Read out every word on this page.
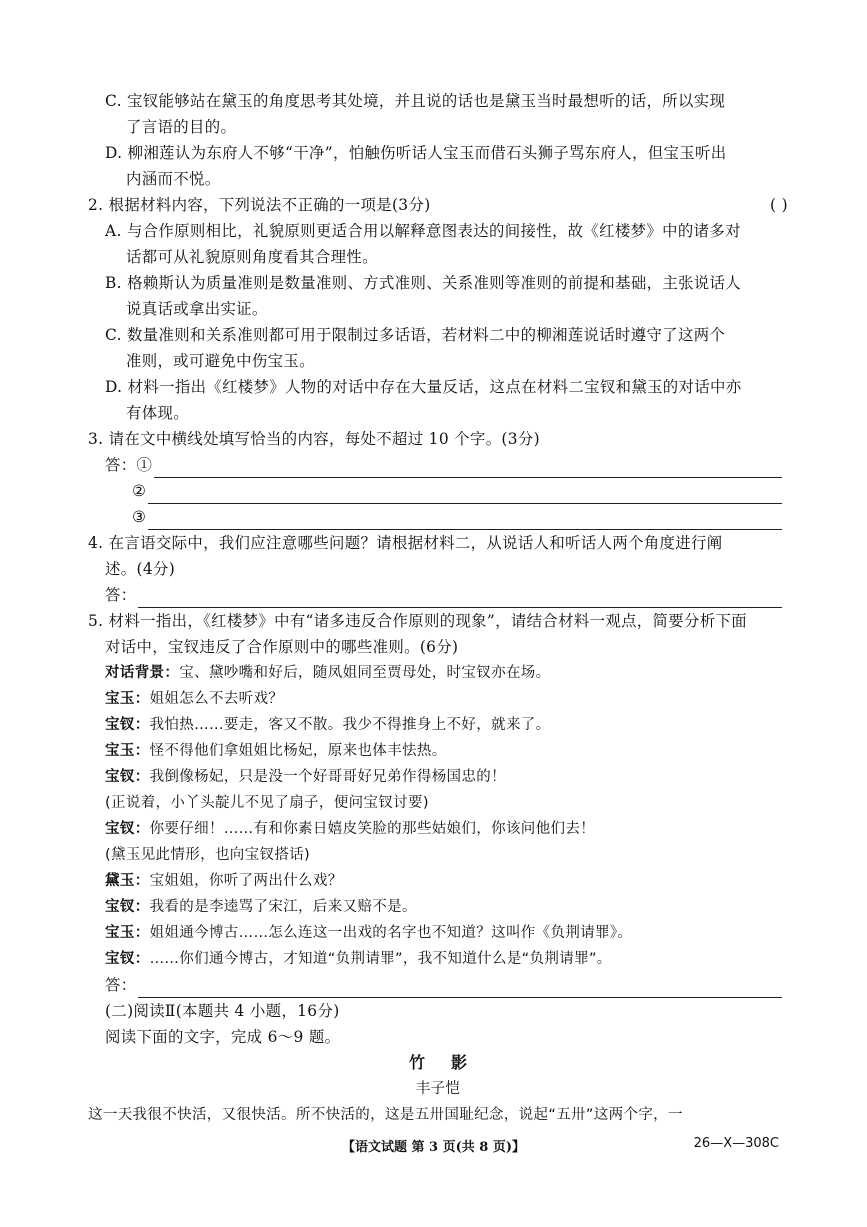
C. 宝钗能够站在黛玉的角度思考其处境，并且说的话也是黛玉当时最想听的话，所以实现
了言语的目的。
D. 柳湘莲认为东府人不够“干净”，怕触伤听话人宝玉而借石头狮子骂东府人，但宝玉听出
内涵而不悦。
2. 根据材料内容，下列说法不正确的一项是(3分)	( )
A. 与合作原则相比，礼貌原则更适合用以解释意图表达的间接性，故《红楼梦》中的诸多对
话都可从礼貌原则角度看其合理性。
B. 格赖斯认为质量准则是数量准则、方式准则、关系准则等准则的前提和基础，主张说话人
说真话或拿出实证。
C. 数量准则和关系准则都可用于限制过多话语，若材料二中的柳湘莲说话时遵守了这两个
准则，或可避免中伤宝玉。
D. 材料一指出《红楼梦》人物的对话中存在大量反话，这点在材料二宝钗和黛玉的对话中亦
有体现。
3. 请在文中横线处填写恰当的内容，每处不超过 10 个字。(3分)
答：①
②
③
4. 在言语交际中，我们应注意哪些问题？请根据材料二，从说话人和听话人两个角度进行阐
述。(4分)
答：
5. 材料一指出，《红楼梦》中有“诸多违反合作原则的现象”，请结合材料一观点，简要分析下面
对话中，宝钗违反了合作原则中的哪些准则。(6分)
对话背景：宝、黛吵嘴和好后，随凤姐同至贾母处，时宝钗亦在场。
宝玉：姐姐怎么不去听戏？
宝钗：我怕热……要走，客又不散。我少不得推身上不好，就来了。
宝玉：怪不得他们拿姐姐比杨妃，原来也体丰怯热。
宝钗：我倒像杨妃，只是没一个好哥哥好兄弟作得杨国忠的！
(正说着，小丫头靛儿不见了扇子，便问宝钗讨要)
宝钗：你要仔细！……有和你素日嬉皮笑脸的那些姑娘们，你该问他们去！
(黛玉见此情形，也向宝钗搭话)
黛玉：宝姐姐，你听了两出什么戏？
宝钗：我看的是李逵骂了宋江，后来又赔不是。
宝玉：姐姐通今博古……怎么连这一出戏的名字也不知道？这叫作《负荆请罪》。
宝钗：……你们通今博古，才知道“负荆请罪”，我不知道什么是“负荆请罪”。
答：
(二)阅读Ⅱ(本题共 4 小题，16分)
阅读下面的文字，完成 6～9 题。
竹影
丰子恺
这一天我很不快活，又很快活。所不快活的，这是五卅国耻纪念，说起“五卅”这两个字，一
【语文试题 第 3 页(共 8 页)】	26—X—308C
